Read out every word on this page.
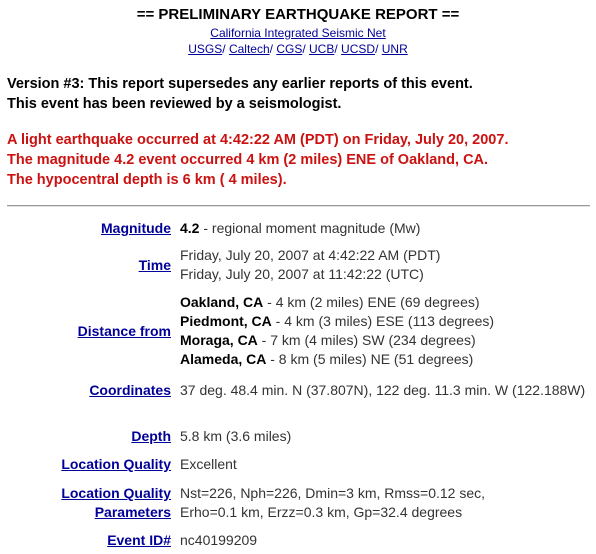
== PRELIMINARY EARTHQUAKE REPORT ==
California Integrated Seismic Net
USGS/ Caltech/ CGS/ UCB/ UCSD/ UNR
Version #3: This report supersedes any earlier reports of this event.
This event has been reviewed by a seismologist.
A light earthquake occurred at 4:42:22 AM (PDT) on Friday, July 20, 2007.
The magnitude 4.2 event occurred 4 km (2 miles) ENE of Oakland, CA.
The hypocentral depth is 6 km ( 4 miles).
Magnitude 4.2 - regional moment magnitude (Mw)
Time
Friday, July 20, 2007 at 4:42:22 AM (PDT)
Friday, July 20, 2007 at 11:42:22 (UTC)
Distance from
Oakland, CA - 4 km (2 miles) ENE (69 degrees)
Piedmont, CA - 4 km (3 miles) ESE (113 degrees)
Moraga, CA - 7 km (4 miles) SW (234 degrees)
Alameda, CA - 8 km (5 miles) NE (51 degrees)
Coordinates 37 deg. 48.4 min. N (37.807N), 122 deg. 11.3 min. W (122.188W)
Depth 5.8 km (3.6 miles)
Location Quality Excellent
Location Quality
Parameters
Nst=226, Nph=226, Dmin=3 km, Rmss=0.12 sec,
Erho=0.1 km, Erzz=0.3 km, Gp=32.4 degrees
Event ID# nc40199209
